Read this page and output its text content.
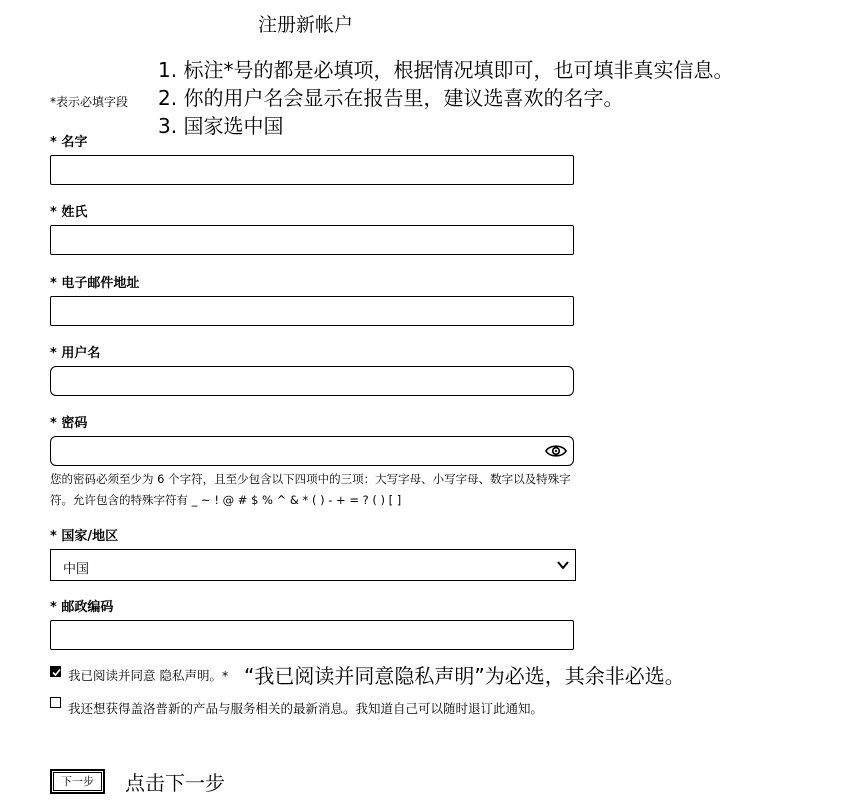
注册新帐户
1. 标注*号的都是必填项，根据情况填即可，也可填非真实信息。
2. 你的用户名会显示在报告里，建议选喜欢的名字。
3. 国家选中国
*表示必填字段
* 名字
* 姓氏
* 电子邮件地址
* 用户名
* 密码
您的密码必须至少为 6 个字符，且至少包含以下四项中的三项：大写字母、小写字母、数字以及特殊字符。允许包含的特殊字符有 _ ~ ! @ # $ % ^ & * ( ) - + = ? ( ) [ ]
* 国家/地区
中国
* 邮政编码
我已阅读并同意 隐私声明。* “我已阅读并同意隐私声明”为必选，其余非必选。
我还想获得盖洛普新的产品与服务相关的最新消息。我知道自己可以随时退订此通知。
下一步	点击下一步
